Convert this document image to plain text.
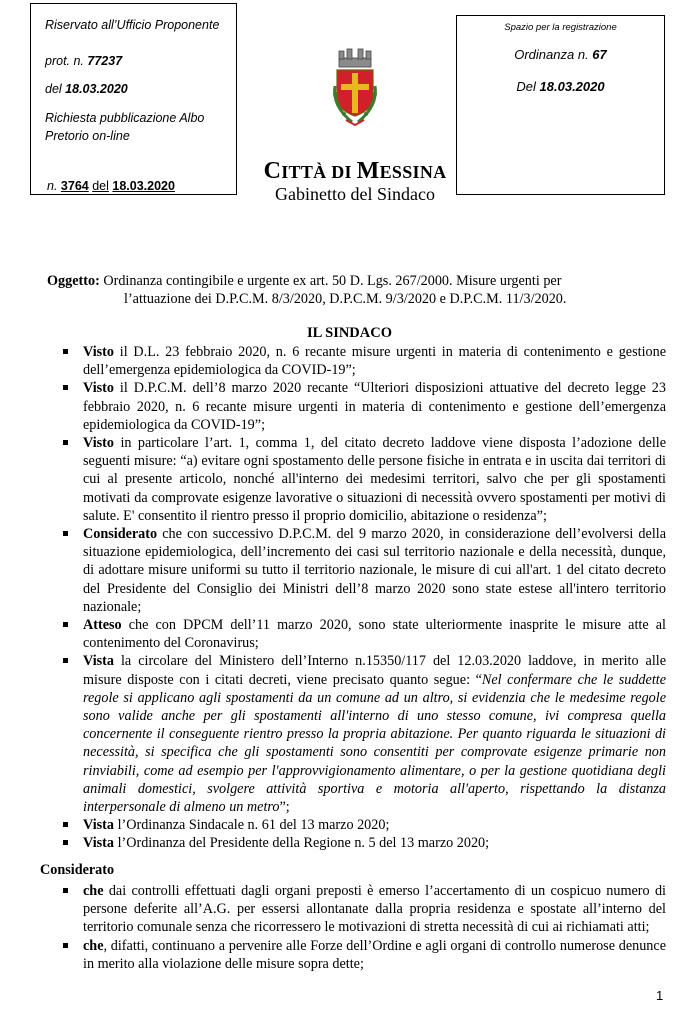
Riservato all’Ufficio Proponente
prot. n. 77237
del 18.03.2020
Richiesta pubblicazione Albo
Pretorio on-line
n. 3764 del 18.03.2020
Spazio per la registrazione
Ordinanza n. 67
Del 18.03.2020
CITTÀ DI MESSINA
Gabinetto del Sindaco
Oggetto: Ordinanza contingibile e urgente ex art. 50 D. Lgs. 267/2000. Misure urgenti per
l’attuazione dei D.P.C.M. 8/3/2020, D.P.C.M. 9/3/2020 e D.P.C.M. 11/3/2020.
IL SINDACO
Visto il D.L. 23 febbraio 2020, n. 6 recante misure urgenti in materia di contenimento e gestione dell’emergenza epidemiologica da COVID-19”;
Visto il D.P.C.M. dell’8 marzo 2020 recante “Ulteriori disposizioni attuative del decreto legge 23 febbraio 2020, n. 6 recante misure urgenti in materia di contenimento e gestione dell’emergenza epidemiologica da COVID-19”;
Visto in particolare l’art. 1, comma 1, del citato decreto laddove viene disposta l’adozione delle seguenti misure: “a) evitare ogni spostamento delle persone fisiche in entrata e in uscita dai territori di cui al presente articolo, nonché all'interno dei medesimi territori, salvo che per gli spostamenti motivati da comprovate esigenze lavorative o situazioni di necessità ovvero spostamenti per motivi di salute. E' consentito il rientro presso il proprio domicilio, abitazione o residenza”;
Considerato che con successivo D.P.C.M. del 9 marzo 2020, in considerazione dell’evolversi della situazione epidemiologica, dell’incremento dei casi sul territorio nazionale e della necessità, dunque, di adottare misure uniformi su tutto il territorio nazionale, le misure di cui all'art. 1 del citato decreto del Presidente del Consiglio dei Ministri dell’8 marzo 2020 sono state estese all'intero territorio nazionale;
Atteso che con DPCM dell’11 marzo 2020, sono state ulteriormente inasprite le misure atte al contenimento del Coronavirus;
Vista la circolare del Ministero dell’Interno n.15350/117 del 12.03.2020 laddove, in merito alle misure disposte con i citati decreti, viene precisato quanto segue: “Nel confermare che le suddette regole si applicano agli spostamenti da un comune ad un altro, si evidenzia che le medesime regole sono valide anche per gli spostamenti all'interno di uno stesso comune, ivi compresa quella concernente il conseguente rientro presso la propria abitazione. Per quanto riguarda le situazioni di necessità, si specifica che gli spostamenti sono consentiti per comprovate esigenze primarie non rinviabili, come ad esempio per l'approvvigionamento alimentare, o per la gestione quotidiana degli animali domestici, svolgere attività sportiva e motoria all'aperto, rispettando la distanza interpersonale di almeno un metro”;
Vista l’Ordinanza Sindacale n. 61 del 13 marzo 2020;
Vista l’Ordinanza del Presidente della Regione n. 5 del 13 marzo 2020;
Considerato
che dai controlli effettuati dagli organi preposti è emerso l’accertamento di un cospicuo numero di persone deferite all’A.G. per essersi allontanate dalla propria residenza e spostate all’interno del territorio comunale senza che ricorressero le motivazioni di stretta necessità di cui ai richiamati atti;
che, difatti, continuano a pervenire alle Forze dell’Ordine e agli organi di controllo numerose denunce in merito alla violazione delle misure sopra dette;
1
